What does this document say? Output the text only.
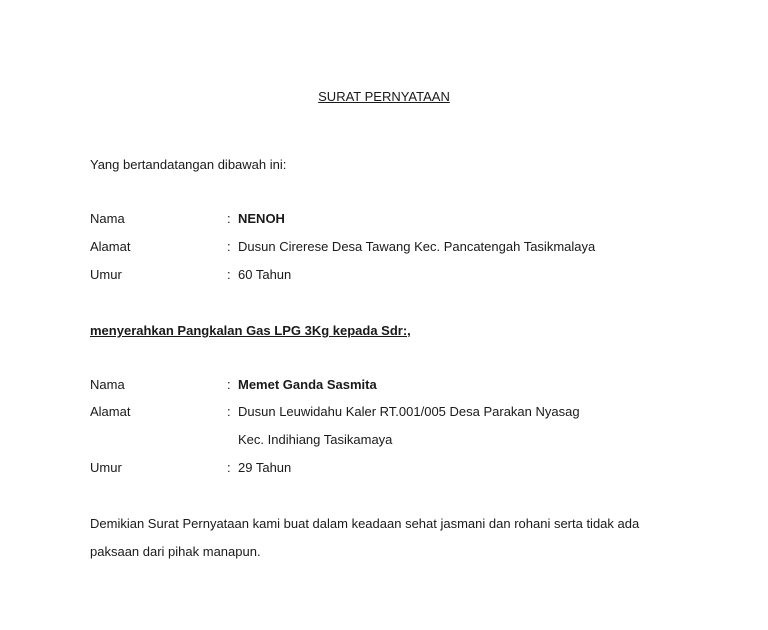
SURAT PERNYATAAN
Yang bertandatangan dibawah ini:
Nama	: NENOH
Alamat	: Dusun Cirerese Desa Tawang Kec. Pancatengah Tasikmalaya
Umur	: 60 Tahun
menyerahkan Pangkalan Gas LPG 3Kg kepada Sdr:,
Nama	: Memet Ganda Sasmita
Alamat	: Dusun Leuwidahu Kaler RT.001/005 Desa Parakan Nyasag
Kec. Indihiang Tasikamaya
Umur	: 29 Tahun
Demikian Surat Pernyataan kami buat dalam keadaan sehat jasmani dan rohani serta tidak ada
paksaan dari pihak manapun.
